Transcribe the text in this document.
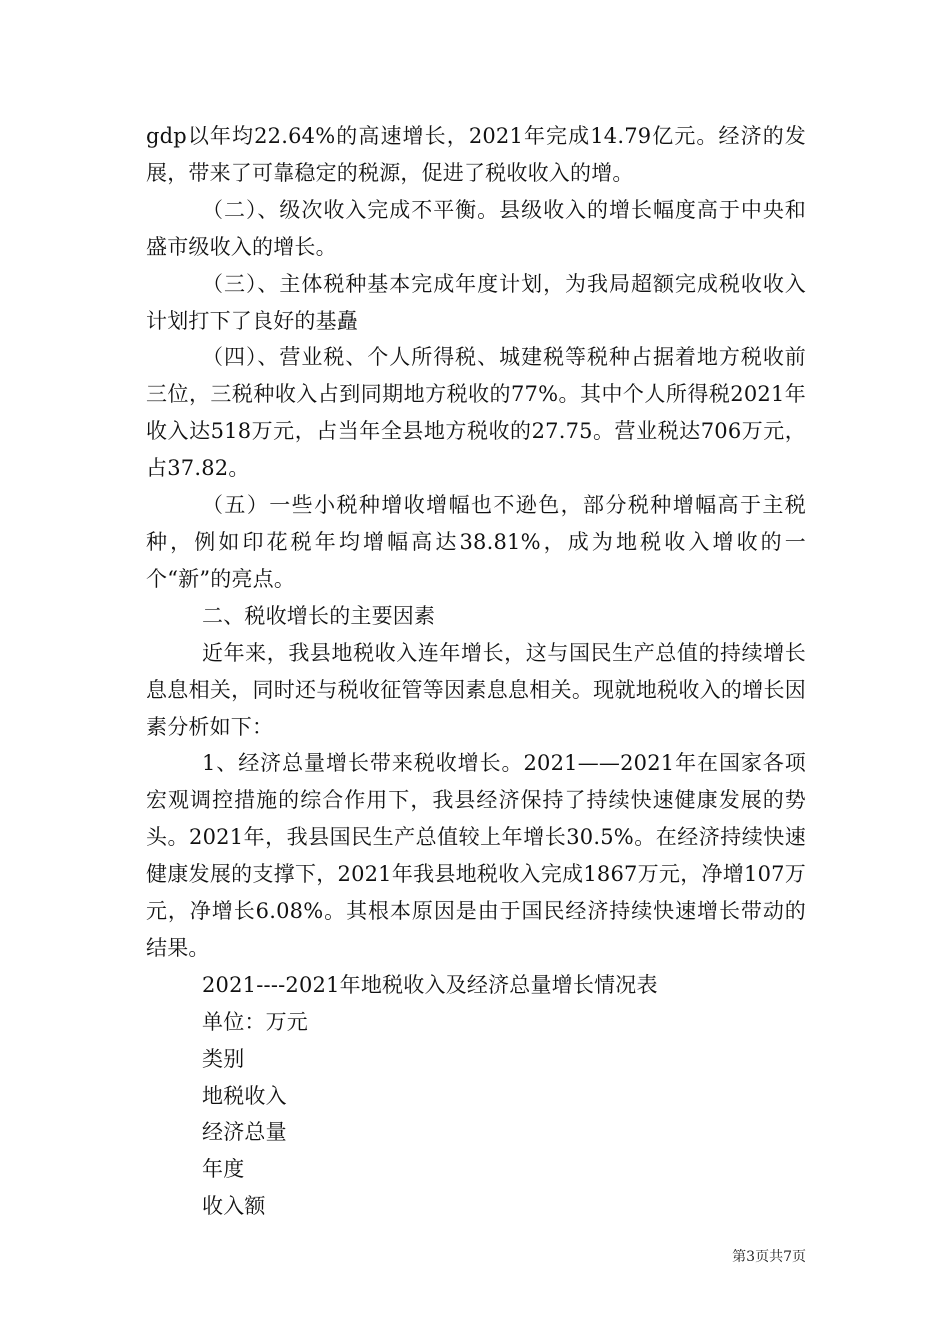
gdp以年均22.64%的高速增长，2021年完成14.79亿元。经济的发展，带来了可靠稳定的税源，促进了税收收入的增。

（二）、级次收入完成不平衡。县级收入的增长幅度高于中央和盛市级收入的增长。

（三）、主体税种基本完成年度计划，为我局超额完成税收收入计划打下了良好的基矗

（四）、营业税、个人所得税、城建税等税种占据着地方税收前三位，三税种收入占到同期地方税收的77%。其中个人所得税2021年收入达518万元，占当年全县地方税收的27.75。营业税达706万元，占37.82。

（五）一些小税种增收增幅也不逊色，部分税种增幅高于主税种，例如印花税年均增幅高达38.81%，成为地税收入增收的一个“新”的亮点。

二、税收增长的主要因素

近年来，我县地税收入连年增长，这与国民生产总值的持续增长息息相关，同时还与税收征管等因素息息相关。现就地税收入的增长因素分析如下：

1、经济总量增长带来税收增长。2021——2021年在国家各项宏观调控措施的综合作用下，我县经济保持了持续快速健康发展的势头。2021年，我县国民生产总值较上年增长30.5%。在经济持续快速健康发展的支撑下，2021年我县地税收入完成1867万元，净增107万元，净增长6.08%。其根本原因是由于国民经济持续快速增长带动的结果。

2021----2021年地税收入及经济总量增长情况表

单位：万元

类别

地税收入

经济总量

年度

收入额

第3页共7页
